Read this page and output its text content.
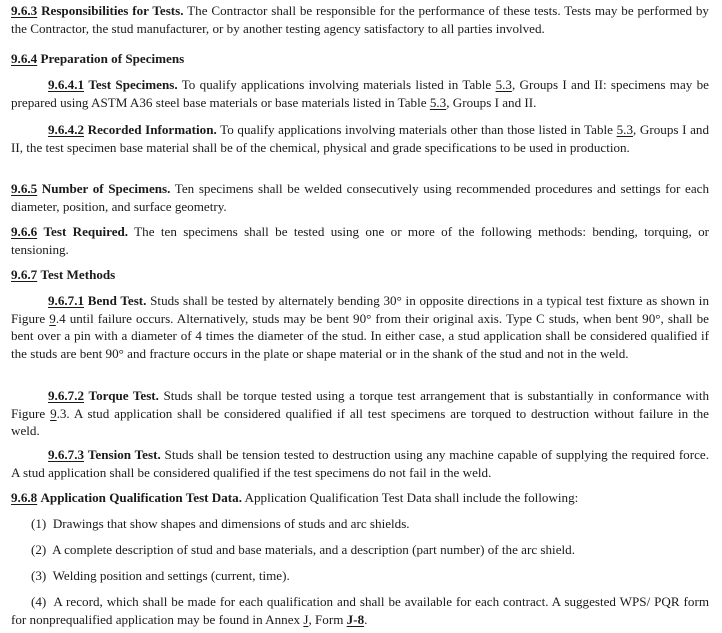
9.6.3 Responsibilities for Tests. The Contractor shall be responsible for the performance of these tests. Tests may be performed by the Contractor, the stud manufacturer, or by another testing agency satisfactory to all parties involved.

9.6.4 Preparation of Specimens

9.6.4.1 Test Specimens. To qualify applications involving materials listed in Table 5.3, Groups I and II: specimens may be prepared using ASTM A36 steel base materials or base materials listed in Table 5.3, Groups I and II.

9.6.4.2 Recorded Information. To qualify applications involving materials other than those listed in Table 5.3, Groups I and II, the test specimen base material shall be of the chemical, physical and grade specifications to be used in production.

9.6.5 Number of Specimens. Ten specimens shall be welded consecutively using recommended procedures and settings for each diameter, position, and surface geometry.

9.6.6 Test Required. The ten specimens shall be tested using one or more of the following methods: bending, torquing, or tensioning.

9.6.7 Test Methods

9.6.7.1 Bend Test. Studs shall be tested by alternately bending 30° in opposite directions in a typical test fixture as shown in Figure 9.4 until failure occurs. Alternatively, studs may be bent 90° from their original axis. Type C studs, when bent 90°, shall be bent over a pin with a diameter of 4 times the diameter of the stud. In either case, a stud application shall be considered qualified if the studs are bent 90° and fracture occurs in the plate or shape material or in the shank of the stud and not in the weld.

9.6.7.2 Torque Test. Studs shall be torque tested using a torque test arrangement that is substantially in conformance with Figure 9.3. A stud application shall be considered qualified if all test specimens are torqued to destruction without failure in the weld.

9.6.7.3 Tension Test. Studs shall be tension tested to destruction using any machine capable of supplying the required force. A stud application shall be considered qualified if the test specimens do not fail in the weld.

9.6.8 Application Qualification Test Data. Application Qualification Test Data shall include the following:

(1) Drawings that show shapes and dimensions of studs and arc shields.

(2) A complete description of stud and base materials, and a description (part number) of the arc shield.

(3) Welding position and settings (current, time).

(4) A record, which shall be made for each qualification and shall be available for each contract. A suggested WPS/ PQR form for nonprequalified application may be found in Annex J, Form J-8.
